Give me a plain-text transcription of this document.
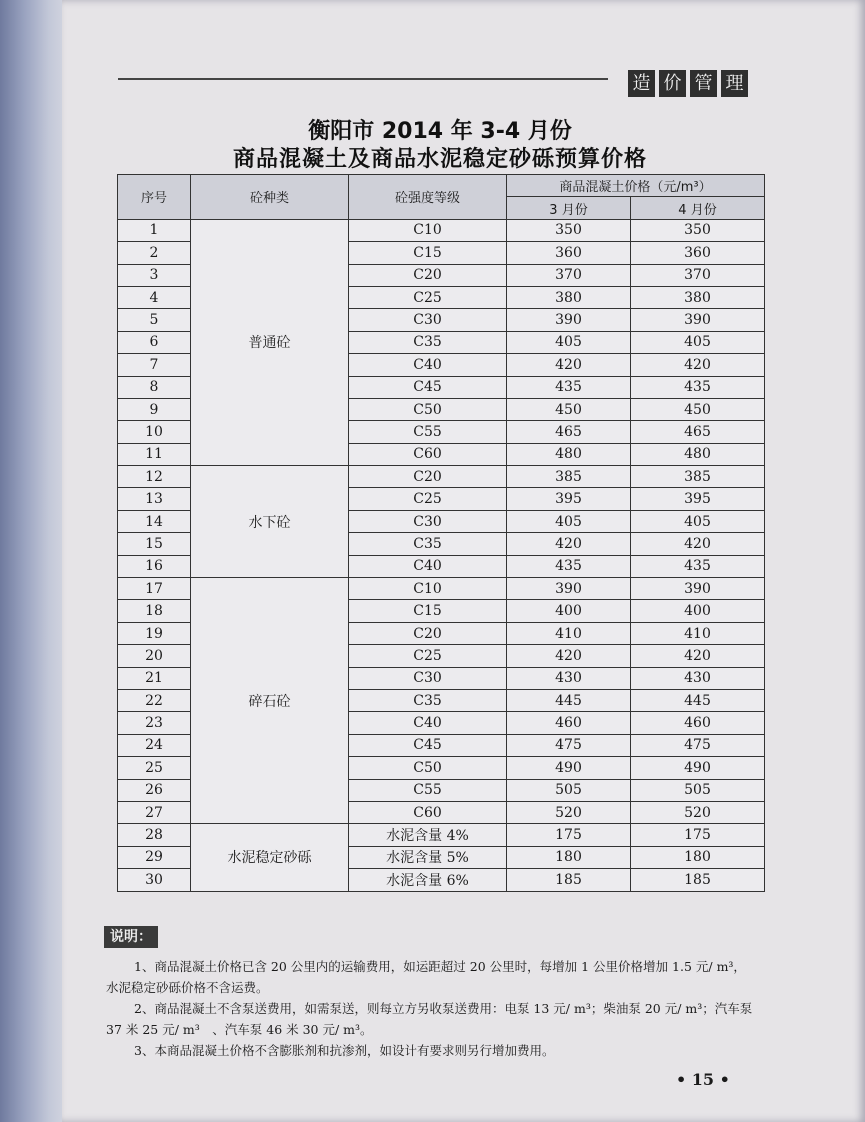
造 价 管 理
衡阳市 2014 年 3-4 月份
商品混凝土及商品水泥稳定砂砾预算价格
序号	砼种类	砼强度等级	商品混凝土价格（元/m³）	
			3 月份	4 月份
1	普通砼	C10	350	350
2		C15	360	360
3		C20	370	370
4		C25	380	380
5		C30	390	390
6		C35	405	405
7		C40	420	420
8		C45	435	435
9		C50	450	450
10		C55	465	465
11		C60	480	480
12	水下砼	C20	385	385
13		C25	395	395
14		C30	405	405
15		C35	420	420
16		C40	435	435
17	碎石砼	C10	390	390
18		C15	400	400
19		C20	410	410
20		C25	420	420
21		C30	430	430
22		C35	445	445
23		C40	460	460
24		C45	475	475
25		C50	490	490
26		C55	505	505
27		C60	520	520
28	水泥稳定砂砾	水泥含量 4%	175	175
29		水泥含量 5%	180	180
30		水泥含量 6%	185	185
说明：

1、商品混凝土价格已含 20 公里内的运输费用，如运距超过 20 公里时，每增加 1 公里价格增加 1.5 元/ m³，水泥稳定砂砾价格不含运费。

2、商品混凝土不含泵送费用，如需泵送，则每立方另收泵送费用：电泵 13 元/ m³；柴油泵 20 元/ m³；汽车泵 37 米 25 元/ m³　、汽车泵 46 米 30 元/ m³。

3、本商品混凝土价格不含膨胀剂和抗渗剂，如设计有要求则另行增加费用。

• 15 •
